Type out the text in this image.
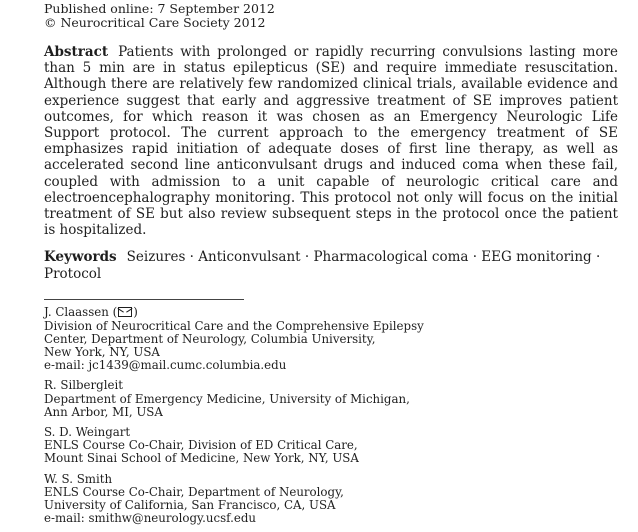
Published online: 7 September 2012
© Neurocritical Care Society 2012
Abstract Patients with prolonged or rapidly recurring convulsions lasting more than 5 min are in status epilepticus (SE) and require immediate resuscitation. Although there are relatively few randomized clinical trials, available evidence and experience suggest that early and aggressive treatment of SE improves patient outcomes, for which reason it was chosen as an Emergency Neurologic Life Support protocol. The current approach to the emergency treatment of SE emphasizes rapid initiation of adequate doses of first line therapy, as well as accelerated second line anticonvulsant drugs and induced coma when these fail, coupled with admission to a unit capable of neurologic critical care and electroencephalography monitoring. This protocol not only will focus on the initial treatment of SE but also review subsequent steps in the protocol once the patient is hospitalized.
Keywords Seizures · Anticonvulsant · Pharmacological coma · EEG monitoring · Protocol
J. Claassen ( )
Division of Neurocritical Care and the Comprehensive Epilepsy
Center, Department of Neurology, Columbia University,
New York, NY, USA
e-mail: jc1439@mail.cumc.columbia.edu
R. Silbergleit
Department of Emergency Medicine, University of Michigan,
Ann Arbor, MI, USA
S. D. Weingart
ENLS Course Co-Chair, Division of ED Critical Care,
Mount Sinai School of Medicine, New York, NY, USA
W. S. Smith
ENLS Course Co-Chair, Department of Neurology,
University of California, San Francisco, CA, USA
e-mail: smithw@neurology.ucsf.edu
